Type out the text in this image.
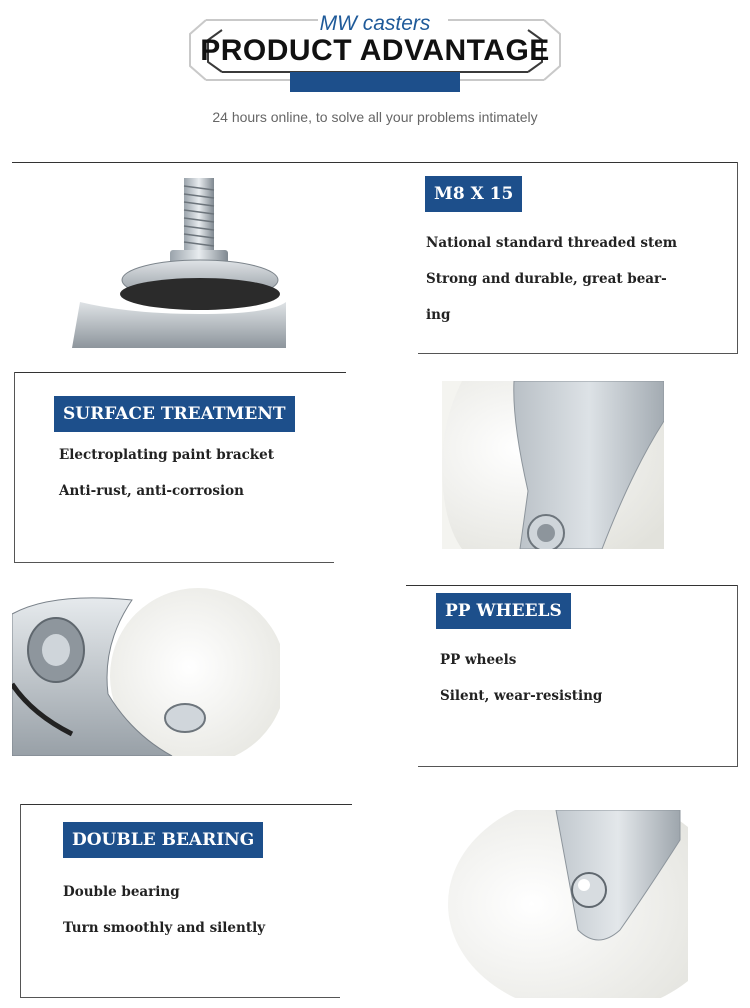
MW casters
PRODUCT ADVANTAGE
24 hours online, to solve all your problems intimately
M8 X 15
National standard threaded stem
Strong and durable, great bear-
ing
SURFACE TREATMENT
Electroplating paint bracket
Anti-rust, anti-corrosion
PP WHEELS
PP wheels
Silent, wear-resisting
DOUBLE BEARING
Double bearing
Turn smoothly and silently
